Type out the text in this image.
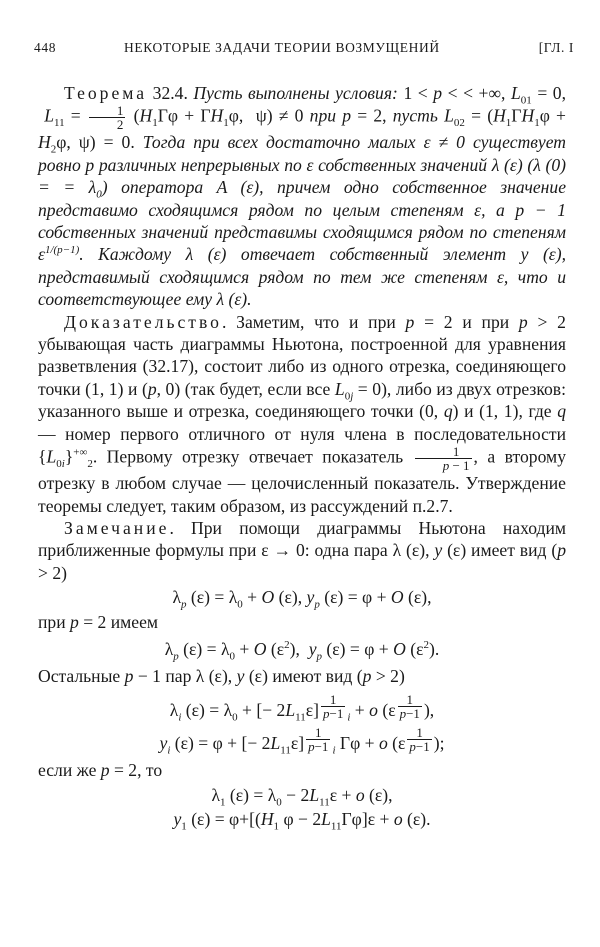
448	НЕКОТОРЫЕ ЗАДАЧИ ТЕОРИИ ВОЗМУЩЕНИЙ	[ГЛ. I

Теорема 32.4. Пусть выполнены условия: 1 < p < < +∞, $L_{01} = 0$,  $L_{11} = \frac{1}{2} (H_1\Gamma\varphi + \Gamma H_1\varphi$,  ψ) ≠ 0 при p = 2, пусть $L_{02} = (H_1\Gamma H_1\varphi + H_2\varphi$, ψ) = 0. Тогда при всех достаточно малых ε ≠ 0 существует ровно p различных непрерывных по ε собственных значений λ (ε) (λ (0) = = $\lambda_0$) оператора A (ε), причем одно собственное значение представимо сходящимся рядом по целым степеням ε, а p − 1 собственных значений представимы сходящимся рядом по степеням $\varepsilon^{1/(p-1)}$. Каждому λ (ε) отвечает собственный элемент y (ε), представимый сходящимся рядом по тем же степеням ε, что и соответствующее ему λ (ε).

Доказательство. Заметим, что и при p = 2 и при p > 2 убывающая часть диаграммы Ньютона, построенной для уравнения разветвления (32.17), состоит либо из одного отрезка, соединяющего точки (1, 1) и (p, 0) (так будет, если все $L_{0j} = 0$), либо из двух отрезков: указанного выше и отрезка, соединяющего точки (0, q) и (1, 1), где q — номер первого отличного от нуля члена в последовательности $\{L_{0i}\}^{+\infty}_2$. Первому отрезку отвечает показатель $\frac{1}{p - 1}$ , а второму отрезку в любом случае — целочисленный показатель. Утверждение теоремы следует, таким образом, из рассуждений п.2.7.

Замечание. При помощи диаграммы Ньютона находим приближенные формулы при ε → 0: одна пара λ (ε), y (ε) имеет вид (p > 2)

$\lambda_p$ $(\varepsilon) = \lambda_0 + O$ (ε), $y_p$ (ε) = φ + O (ε),

при p = 2 имеем

$\lambda_p$ $(\varepsilon) = \lambda_0 + O$ $(\varepsilon^2)$,  $y_p$ (ε) = φ + O $(\varepsilon^2)$.

Остальные p − 1 пар λ (ε), y (ε) имеют вид (p > 2)

$\lambda_i$ $(\varepsilon) = \lambda_0$ + [− $2L_{11}\varepsilon$] $^{\frac{1}{p-1}}$ $_i$ + o (ε $^{\frac{1}{p-1}}$ ),
$y_i$ (ε) = φ + [− $2L_{11}\varepsilon$] $^{\frac{1}{p-1}}$ $_i$ Γφ + o (ε $^{\frac{1}{p-1}}$ );

если же p = 2, то

$\lambda_1$ $(\varepsilon) = \lambda_0 - 2L_{11}\varepsilon + o$ (ε),
$y_1$ $(\varepsilon) = \varphi+[(H_1$ $\varphi - 2L_{11}\Gamma\varphi]\varepsilon + o$ (ε).
